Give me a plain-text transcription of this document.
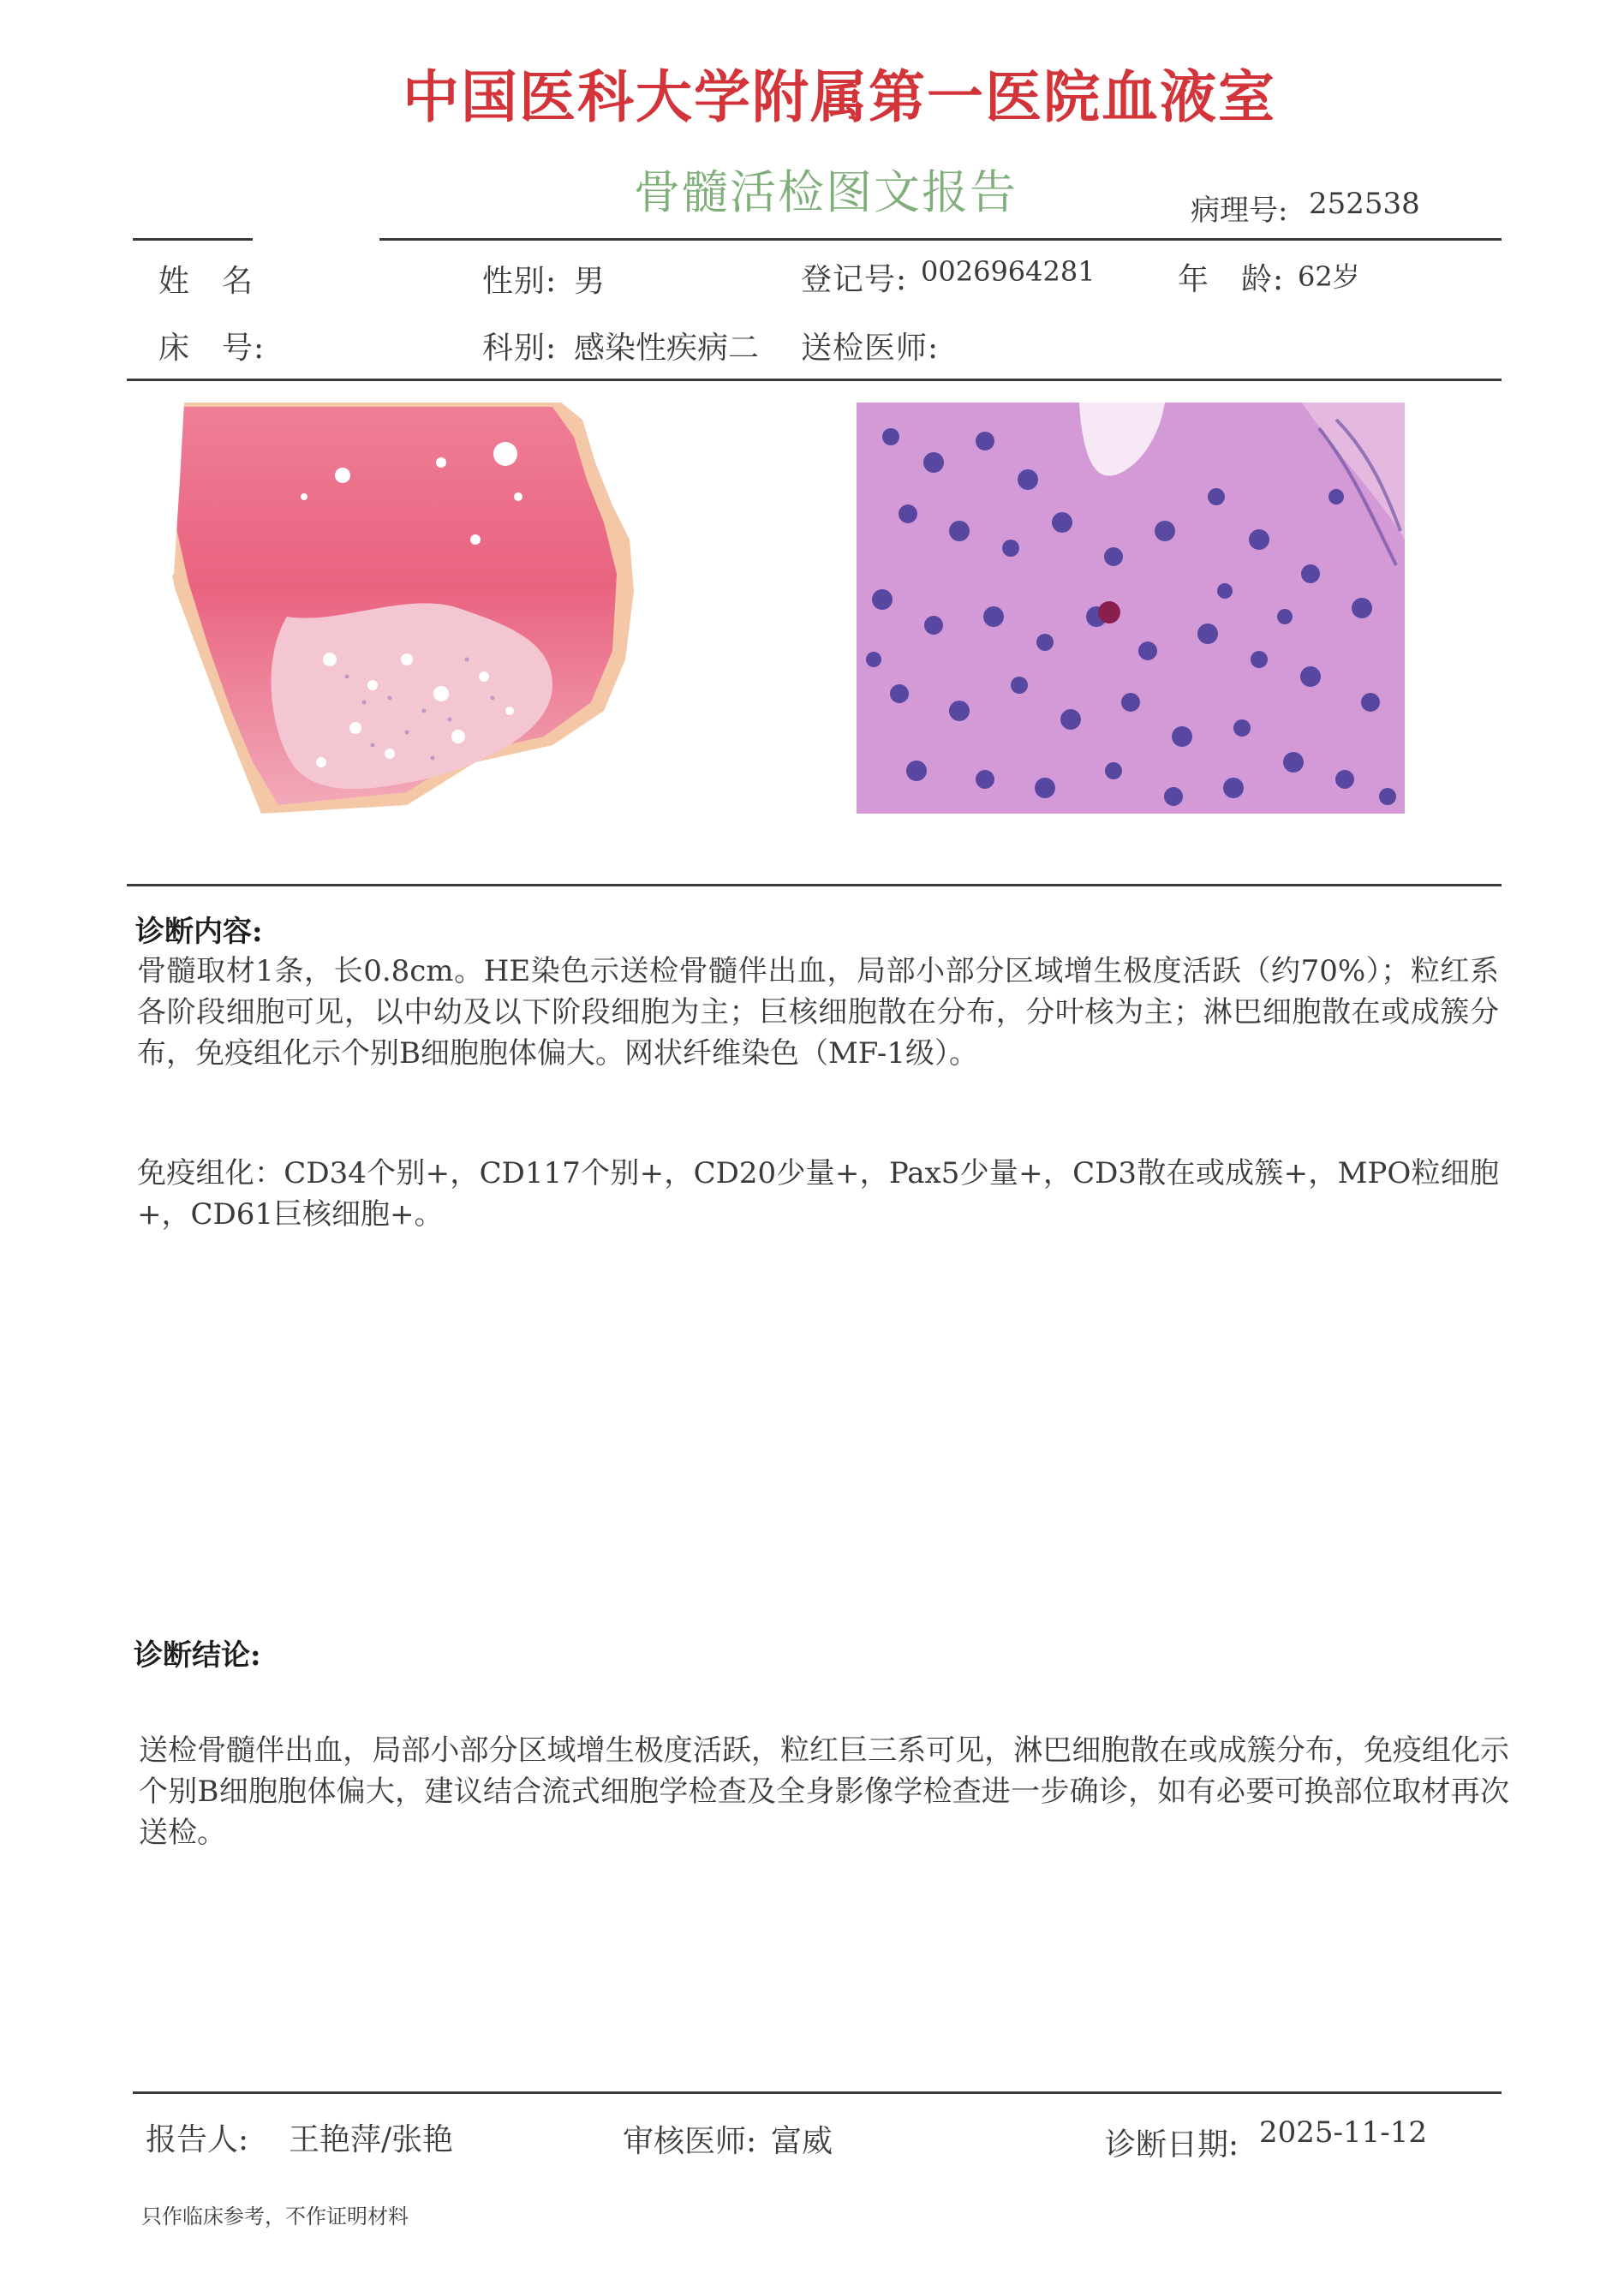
中国医科大学附属第一医院血液室
骨髓活检图文报告	病理号: 252538
姓　名	性别: 男	登记号: 0026964281	年　龄: 62岁
床　号:	科别: 感染性疾病二 送检医师:
诊断内容:
骨髓取材1条，长0.8cm。HE染色示送检骨髓伴出血，局部小部分区域增生极度活跃（约70%）；粒红系各阶段细胞可见，以中幼及以下阶段细胞为主；巨核细胞散在分布，分叶核为主；淋巴细胞散在或成簇分布，免疫组化示个别B细胞胞体偏大。网状纤维染色（MF-1级）。
免疫组化：CD34个别+，CD117个别+，CD20少量+，Pax5少量+，CD3散在或成簇+，MPO粒细胞+，CD61巨核细胞+。
诊断结论:
送检骨髓伴出血，局部小部分区域增生极度活跃，粒红巨三系可见，淋巴细胞散在或成簇分布，免疫组化示个别B细胞胞体偏大，建议结合流式细胞学检查及全身影像学检查进一步确诊，如有必要可换部位取材再次送检。
报告人: 王艳萍/张艳	审核医师: 富威	诊断日期: 2025-11-12
只作临床参考，不作证明材料
